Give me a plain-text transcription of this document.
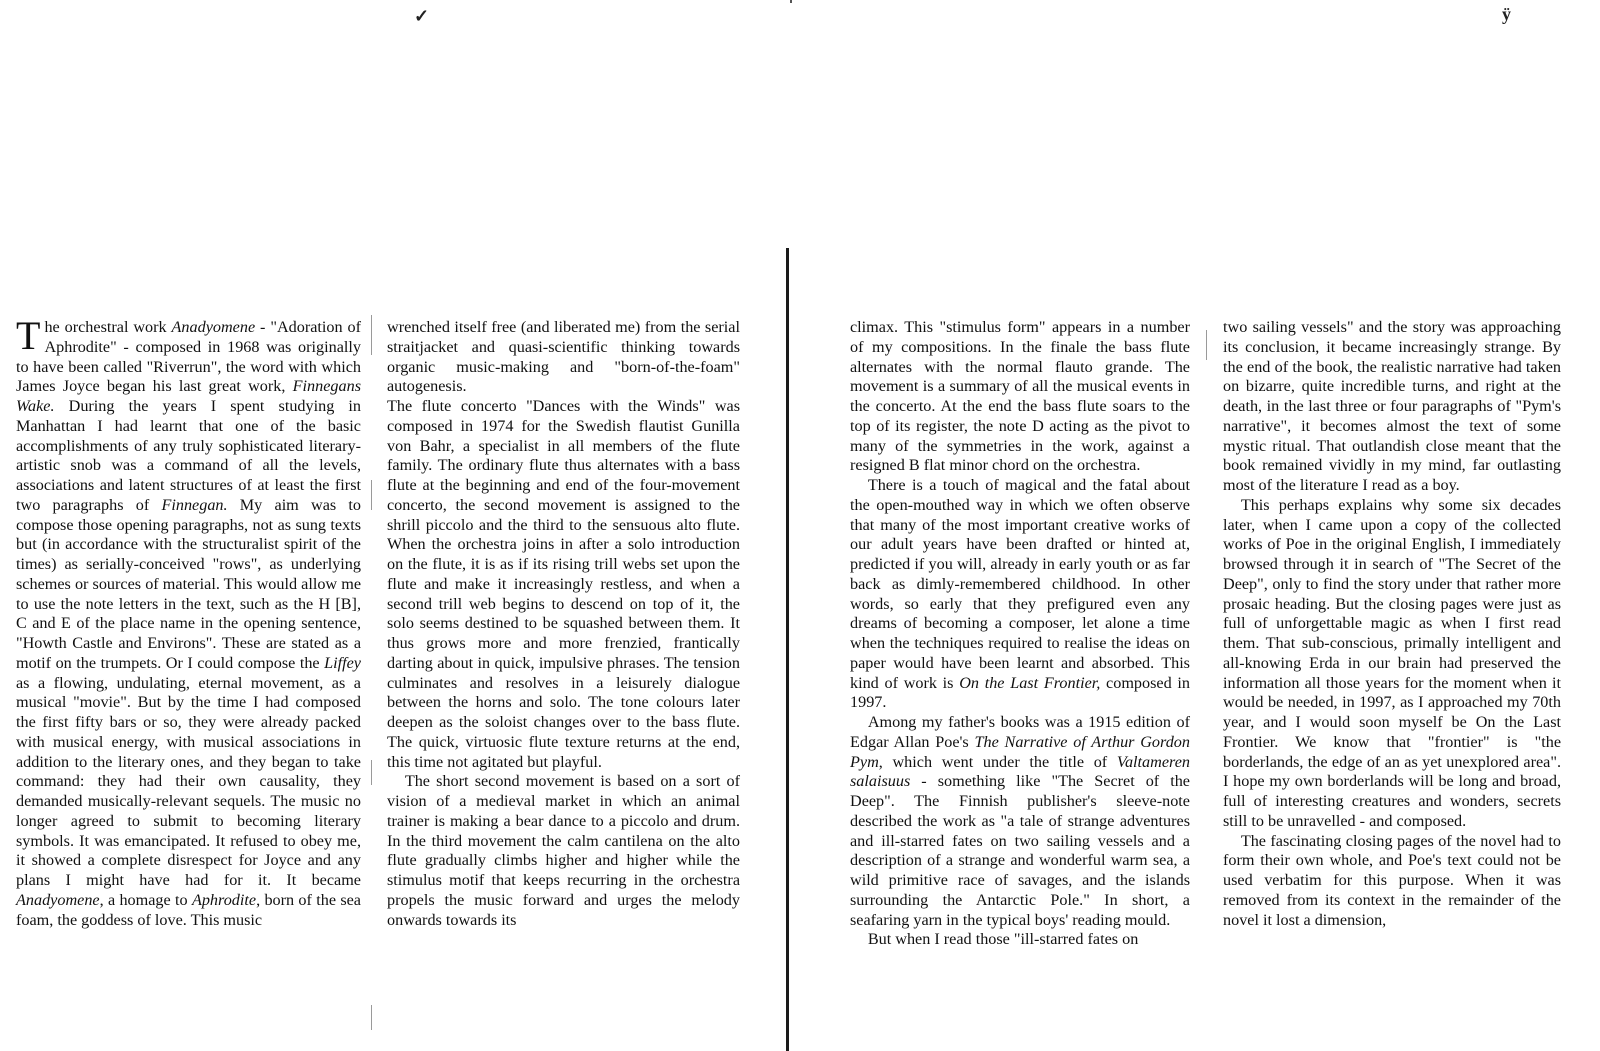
✓	ÿ

The orchestral work Anadyomene - "Adoration of Aphrodite" - composed in 1968 was originally to have been called "Riverrun", the word with which James Joyce began his last great work, Finnegans Wake. During the years I spent studying in Manhattan I had learnt that one of the basic accomplishments of any truly sophisticated literary-artistic snob was a command of all the levels, associations and latent structures of at least the first two paragraphs of Finnegan. My aim was to compose those opening paragraphs, not as sung texts but (in accordance with the structuralist spirit of the times) as serially-conceived "rows", as underlying schemes or sources of material. This would allow me to use the note letters in the text, such as the H [B], C and E of the place name in the opening sentence, "Howth Castle and Environs". These are stated as a motif on the trumpets. Or I could compose the Liffey as a flowing, undulating, eternal movement, as a musical "movie". But by the time I had composed the first fifty bars or so, they were already packed with musical energy, with musical associations in addition to the literary ones, and they began to take command: they had their own causality, they demanded musically-relevant sequels. The music no longer agreed to submit to becoming literary symbols. It was emancipated. It refused to obey me, it showed a complete disrespect for Joyce and any plans I might have had for it. It became Anadyomene, a homage to Aphrodite, born of the sea foam, the goddess of love. This music

wrenched itself free (and liberated me) from the serial straitjacket and quasi-scientific thinking towards organic music-making and "born-of-the-foam" autogenesis.

The flute concerto "Dances with the Winds" was composed in 1974 for the Swedish flautist Gunilla von Bahr, a specialist in all members of the flute family. The ordinary flute thus alternates with a bass flute at the beginning and end of the four-movement concerto, the second movement is assigned to the shrill piccolo and the third to the sensuous alto flute. When the orchestra joins in after a solo introduction on the flute, it is as if its rising trill webs set upon the flute and make it increasingly restless, and when a second trill web begins to descend on top of it, the solo seems destined to be squashed between them. It thus grows more and more frenzied, frantically darting about in quick, impulsive phrases. The tension culminates and resolves in a leisurely dialogue between the horns and solo. The tone colours later deepen as the soloist changes over to the bass flute. The quick, virtuosic flute texture returns at the end, this time not agitated but playful.

The short second movement is based on a sort of vision of a medieval market in which an animal trainer is making a bear dance to a piccolo and drum. In the third movement the calm cantilena on the alto flute gradually climbs higher and higher while the stimulus motif that keeps recurring in the orchestra propels the music forward and urges the melody onwards towards its

climax. This "stimulus form" appears in a number of my compositions. In the finale the bass flute alternates with the normal flauto grande. The movement is a summary of all the musical events in the concerto. At the end the bass flute soars to the top of its register, the note D acting as the pivot to many of the symmetries in the work, against a resigned B flat minor chord on the orchestra.

There is a touch of magical and the fatal about the open-mouthed way in which we often observe that many of the most important creative works of our adult years have been drafted or hinted at, predicted if you will, already in early youth or as far back as dimly-remembered childhood. In other words, so early that they prefigured even any dreams of becoming a composer, let alone a time when the techniques required to realise the ideas on paper would have been learnt and absorbed. This kind of work is On the Last Frontier, composed in 1997.

Among my father's books was a 1915 edition of Edgar Allan Poe's The Narrative of Arthur Gordon Pym, which went under the title of Valtameren salaisuus - something like "The Secret of the Deep". The Finnish publisher's sleeve-note described the work as "a tale of strange adventures and ill-starred fates on two sailing vessels and a description of a strange and wonderful warm sea, a wild primitive race of savages, and the islands surrounding the Antarctic Pole." In short, a seafaring yarn in the typical boys' reading mould.

But when I read those "ill-starred fates on

two sailing vessels" and the story was approaching its conclusion, it became increasingly strange. By the end of the book, the realistic narrative had taken on bizarre, quite incredible turns, and right at the death, in the last three or four paragraphs of "Pym's narrative", it becomes almost the text of some mystic ritual. That outlandish close meant that the book remained vividly in my mind, far outlasting most of the literature I read as a boy.

This perhaps explains why some six decades later, when I came upon a copy of the collected works of Poe in the original English, I immediately browsed through it in search of "The Secret of the Deep", only to find the story under that rather more prosaic heading. But the closing pages were just as full of unforgettable magic as when I first read them. That sub-conscious, primally intelligent and all-knowing Erda in our brain had preserved the information all those years for the moment when it would be needed, in 1997, as I approached my 70th year, and I would soon myself be On the Last Frontier. We know that "frontier" is "the borderlands, the edge of an as yet unexplored area". I hope my own borderlands will be long and broad, full of interesting creatures and wonders, secrets still to be unravelled - and composed.

The fascinating closing pages of the novel had to form their own whole, and Poe's text could not be used verbatim for this purpose. When it was removed from its context in the remainder of the novel it lost a dimension,
